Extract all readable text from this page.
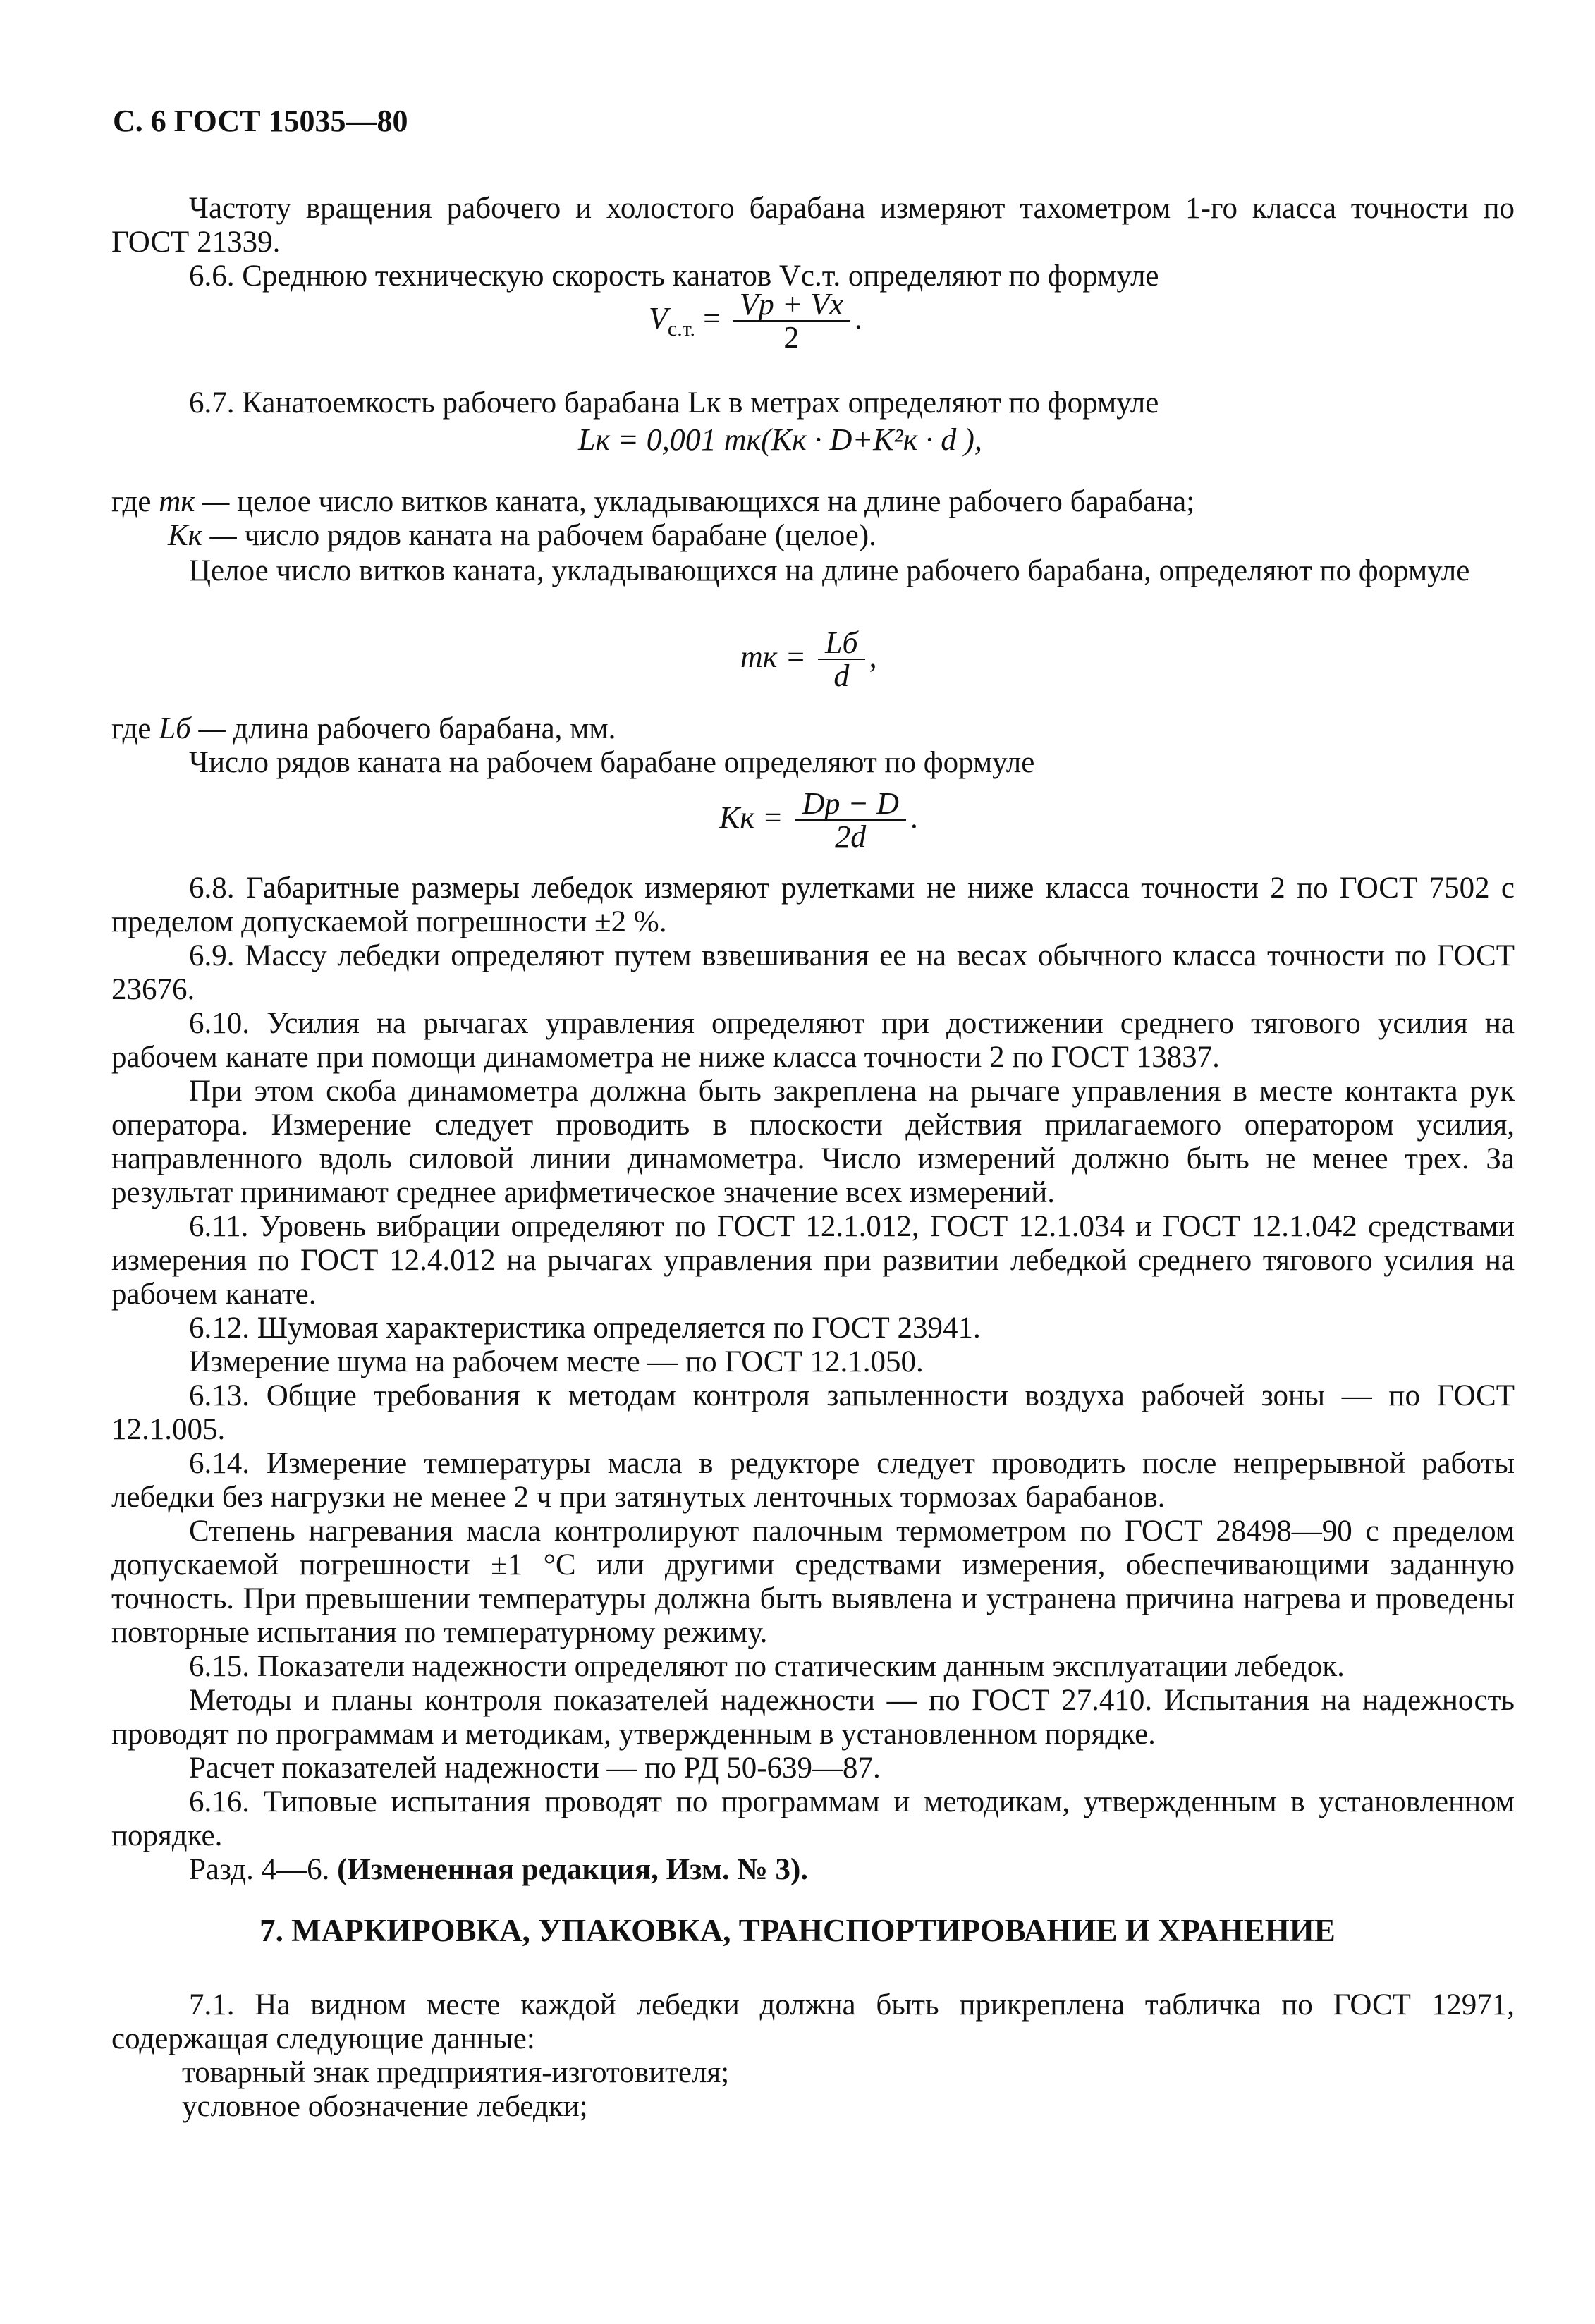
С. 6 ГОСТ 15035—80

Частоту вращения рабочего и холостого барабана измеряют тахометром 1-го класса точности по ГОСТ 21339.

6.6. Среднюю техническую скорость канатов Vс.т. определяют по формуле

$V_{с.т.} = \frac{Vр + Vх}{2}$ .

6.7. Канатоемкость рабочего барабана Lк в метрах определяют по формуле

Lк = 0,001 mк(Kк · D+K²к · d ),
где mк — целое число витков каната, укладывающихся на длине рабочего барабана;
Kк — число рядов каната на рабочем барабане (целое).

Целое число витков каната, укладывающихся на длине рабочего барабана, определяют по формуле

mк = $\frac{Lб}{d}$ ,
где Lб — длина рабочего барабана, мм.

Число рядов каната на рабочем барабане определяют по формуле

Kк = $\frac{Dр - D}{2d}$ .

6.8. Габаритные размеры лебедок измеряют рулетками не ниже класса точности 2 по ГОСТ 7502 с пределом допускаемой погрешности ±2 %.

6.9. Массу лебедки определяют путем взвешивания ее на весах обычного класса точности по ГОСТ 23676.

6.10. Усилия на рычагах управления определяют при достижении среднего тягового усилия на рабочем канате при помощи динамометра не ниже класса точности 2 по ГОСТ 13837.

При этом скоба динамометра должна быть закреплена на рычаге управления в месте контакта рук оператора. Измерение следует проводить в плоскости действия прилагаемого оператором усилия, направленного вдоль силовой линии динамометра. Число измерений должно быть не менее трех. За результат принимают среднее арифметическое значение всех измерений.

6.11. Уровень вибрации определяют по ГОСТ 12.1.012, ГОСТ 12.1.034 и ГОСТ 12.1.042 средствами измерения по ГОСТ 12.4.012 на рычагах управления при развитии лебедкой среднего тягового усилия на рабочем канате.

6.12. Шумовая характеристика определяется по ГОСТ 23941.

Измерение шума на рабочем месте — по ГОСТ 12.1.050.

6.13. Общие требования к методам контроля запыленности воздуха рабочей зоны — по ГОСТ 12.1.005.

6.14. Измерение температуры масла в редукторе следует проводить после непрерывной работы лебедки без нагрузки не менее 2 ч при затянутых ленточных тормозах барабанов.

Степень нагревания масла контролируют палочным термометром по ГОСТ 28498—90 с пределом допускаемой погрешности ±1 °С или другими средствами измерения, обеспечивающими заданную точность. При превышении температуры должна быть выявлена и устранена причина нагрева и проведены повторные испытания по температурному режиму.

6.15. Показатели надежности определяют по статическим данным эксплуатации лебедок.

Методы и планы контроля показателей надежности — по ГОСТ 27.410. Испытания на надежность проводят по программам и методикам, утвержденным в установленном порядке.

Расчет показателей надежности — по РД 50-639—87.

6.16. Типовые испытания проводят по программам и методикам, утвержденным в установленном порядке.

Разд. 4—6. (Измененная редакция, Изм. № 3).

7. МАРКИРОВКА, УПАКОВКА, ТРАНСПОРТИРОВАНИЕ И ХРАНЕНИЕ

7.1. На видном месте каждой лебедки должна быть прикреплена табличка по ГОСТ 12971, содержащая следующие данные:

товарный знак предприятия-изготовителя;

условное обозначение лебедки;
